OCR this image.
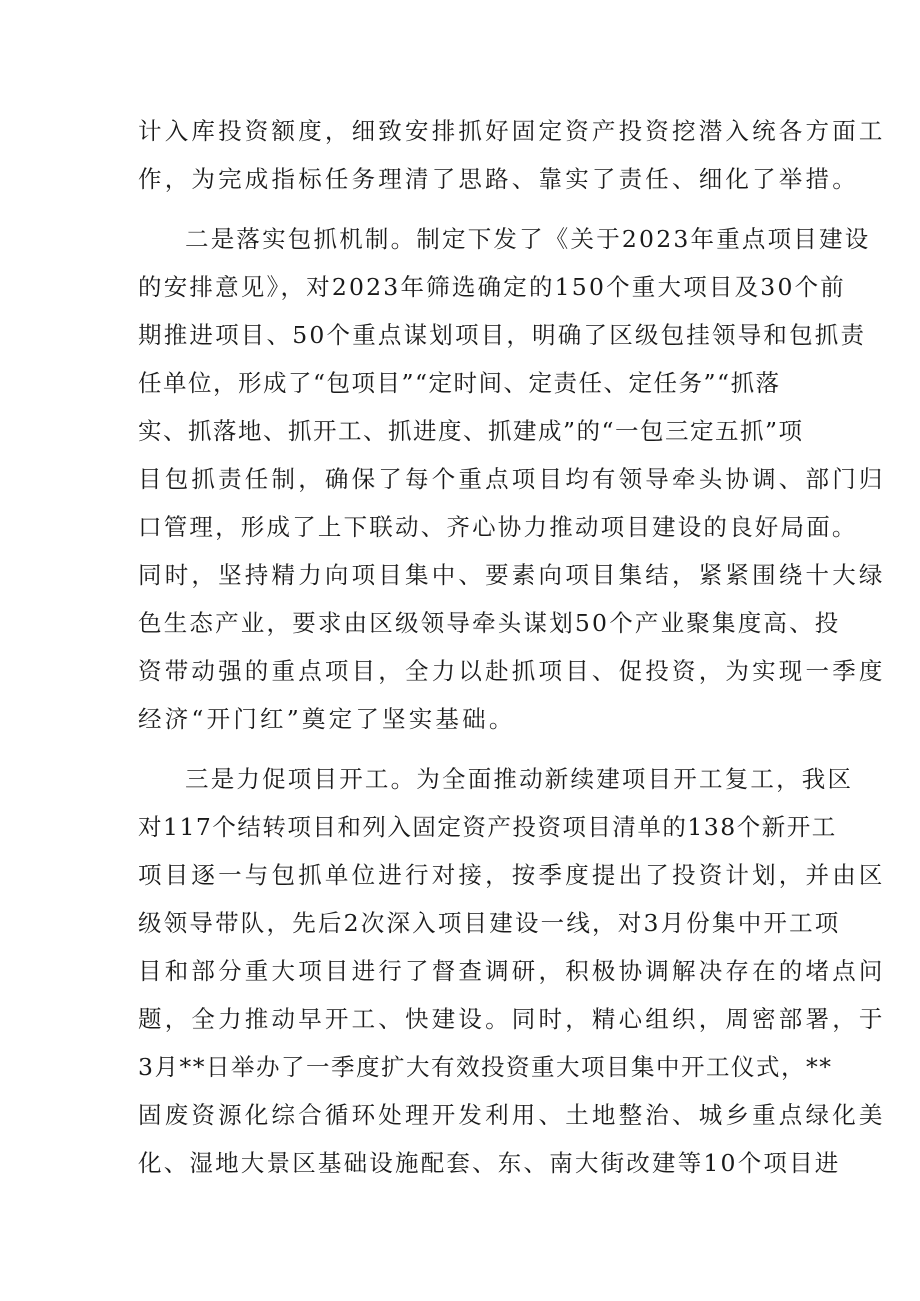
计入库投资额度，细致安排抓好固定资产投资挖潜入统各方面工
作，为完成指标任务理清了思路、靠实了责任、细化了举措。
二是落实包抓机制。制定下发了《关于2023年重点项目建设
的安排意见》，对2023年筛选确定的150个重大项目及30个前
期推进项目、50个重点谋划项目，明确了区级包挂领导和包抓责
任单位，形成了“包项目”“定时间、定责任、定任务”“抓落
实、抓落地、抓开工、抓进度、抓建成”的“一包三定五抓”项
目包抓责任制，确保了每个重点项目均有领导牵头协调、部门归
口管理，形成了上下联动、齐心协力推动项目建设的良好局面。
同时，坚持精力向项目集中、要素向项目集结，紧紧围绕十大绿
色生态产业，要求由区级领导牵头谋划50个产业聚集度高、投
资带动强的重点项目，全力以赴抓项目、促投资，为实现一季度
经济“开门红”奠定了坚实基础。
三是力促项目开工。为全面推动新续建项目开工复工，我区
对117个结转项目和列入固定资产投资项目清单的138个新开工
项目逐一与包抓单位进行对接，按季度提出了投资计划，并由区
级领导带队，先后2次深入项目建设一线，对3月份集中开工项
目和部分重大项目进行了督查调研，积极协调解决存在的堵点问
题，全力推动早开工、快建设。同时，精心组织，周密部署，于
3月**日举办了一季度扩大有效投资重大项目集中开工仪式，**
固废资源化综合循环处理开发利用、土地整治、城乡重点绿化美
化、湿地大景区基础设施配套、东、南大街改建等10个项目进
